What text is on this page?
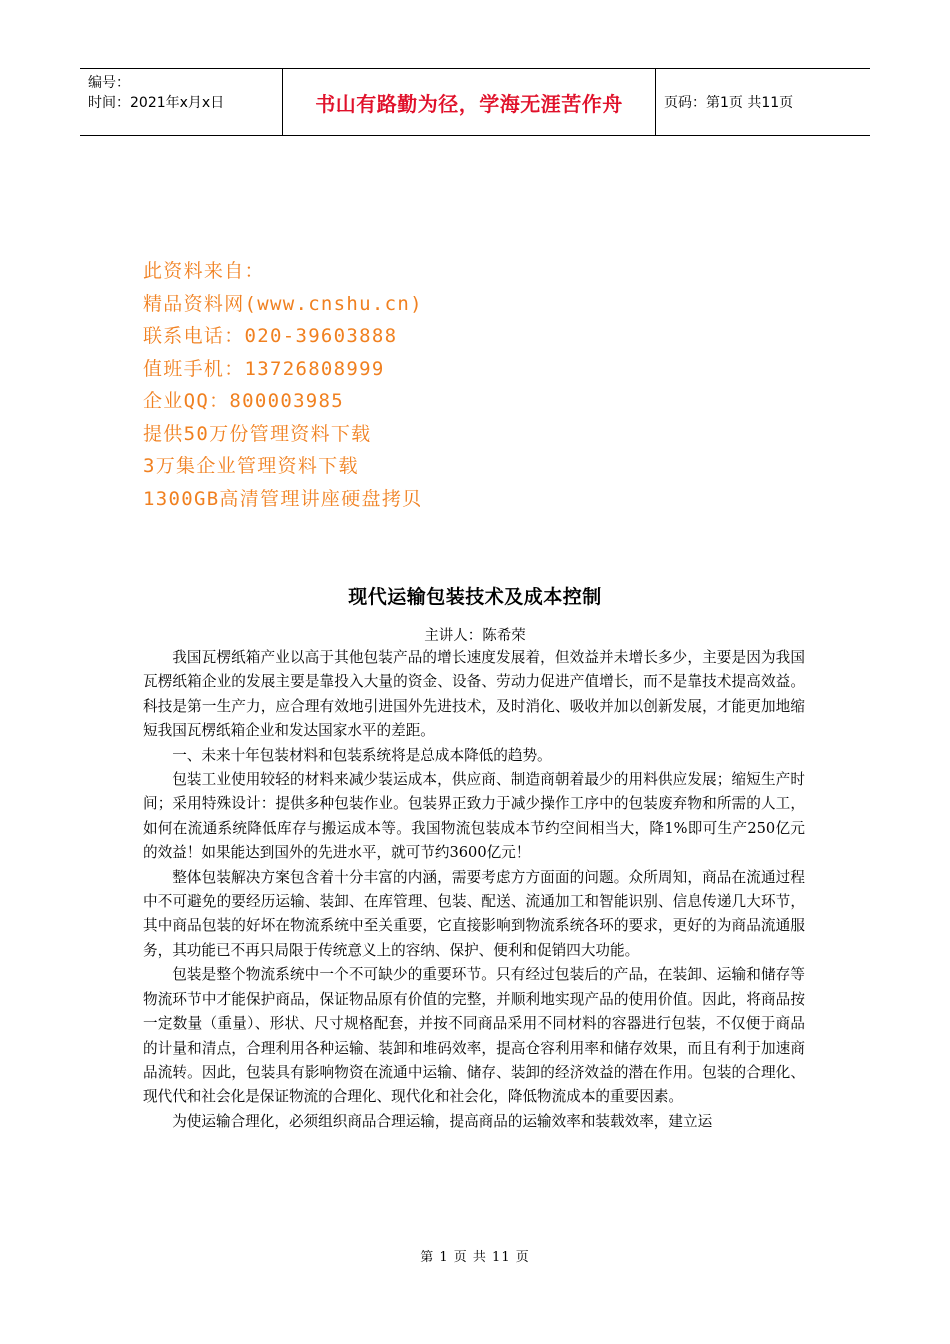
编号：
时间：2021年x月x日	书山有路勤为径，学海无涯苦作舟	页码：第1页 共11页
此资料来自：
精品资料网(www.cnshu.cn)
联系电话：020-39603888
值班手机：13726808999
企业QQ：800003985
提供50万份管理资料下载
3万集企业管理资料下载
1300GB高清管理讲座硬盘拷贝
现代运输包装技术及成本控制
主讲人：陈希荣

我国瓦楞纸箱产业以高于其他包装产品的增长速度发展着，但效益并未增长多少，主要是因为我国瓦楞纸箱企业的发展主要是靠投入大量的资金、设备、劳动力促进产值增长，而不是靠技术提高效益。科技是第一生产力，应合理有效地引进国外先进技术，及时消化、吸收并加以创新发展，才能更加地缩短我国瓦楞纸箱企业和发达国家水平的差距。

一、未来十年包装材料和包装系统将是总成本降低的趋势。

包装工业使用较轻的材料来减少装运成本，供应商、制造商朝着最少的用料供应发展；缩短生产时间；采用特殊设计：提供多种包装作业。包装界正致力于减少操作工序中的包装废弃物和所需的人工，如何在流通系统降低库存与搬运成本等。我国物流包装成本节约空间相当大，降1%即可生产250亿元的效益！如果能达到国外的先进水平，就可节约3600亿元！

整体包装解决方案包含着十分丰富的内涵，需要考虑方方面面的问题。众所周知，商品在流通过程中不可避免的要经历运输、装卸、在库管理、包装、配送、流通加工和智能识别、信息传递几大环节，其中商品包装的好坏在物流系统中至关重要，它直接影响到物流系统各环的要求，更好的为商品流通服务，其功能已不再只局限于传统意义上的容纳、保护、便利和促销四大功能。

包装是整个物流系统中一个不可缺少的重要环节。只有经过包装后的产品，在装卸、运输和储存等物流环节中才能保护商品，保证物品原有价值的完整，并顺利地实现产品的使用价值。因此，将商品按一定数量（重量）、形状、尺寸规格配套，并按不同商品采用不同材料的容器进行包装，不仅便于商品的计量和清点，合理利用各种运输、装卸和堆码效率，提高仓容利用率和储存效果，而且有利于加速商品流转。因此，包装具有影响物资在流通中运输、储存、装卸的经济效益的潜在作用。包装的合理化、现代代和社会化是保证物流的合理化、现代化和社会化，降低物流成本的重要因素。

为使运输合理化，必须组织商品合理运输，提高商品的运输效率和装载效率，建立运

第 1 页 共 11 页
